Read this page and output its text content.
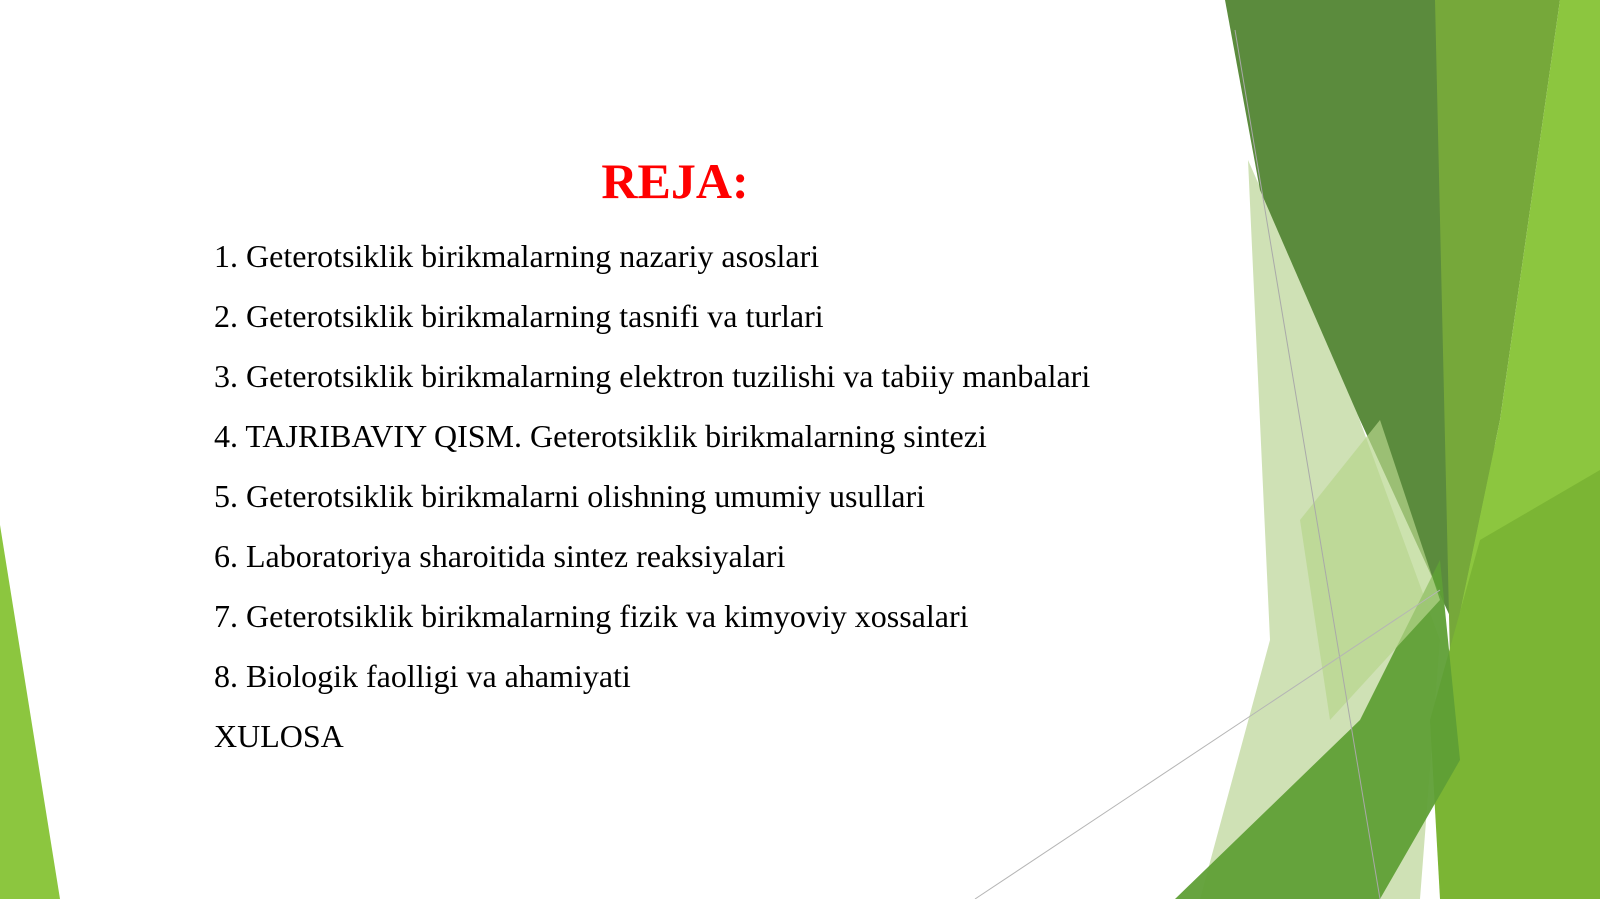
REJA:
1. Geterotsiklik birikmalarning nazariy asoslari
2. Geterotsiklik birikmalarning tasnifi va turlari
3. Geterotsiklik birikmalarning elektron tuzilishi va tabiiy manbalari
4. TAJRIBAVIY QISM. Geterotsiklik birikmalarning sintezi
5. Geterotsiklik birikmalarni olishning umumiy usullari
6. Laboratoriya sharoitida sintez reaksiyalari
7. Geterotsiklik birikmalarning fizik va kimyoviy xossalari
8. Biologik faolligi va ahamiyati
XULOSA
